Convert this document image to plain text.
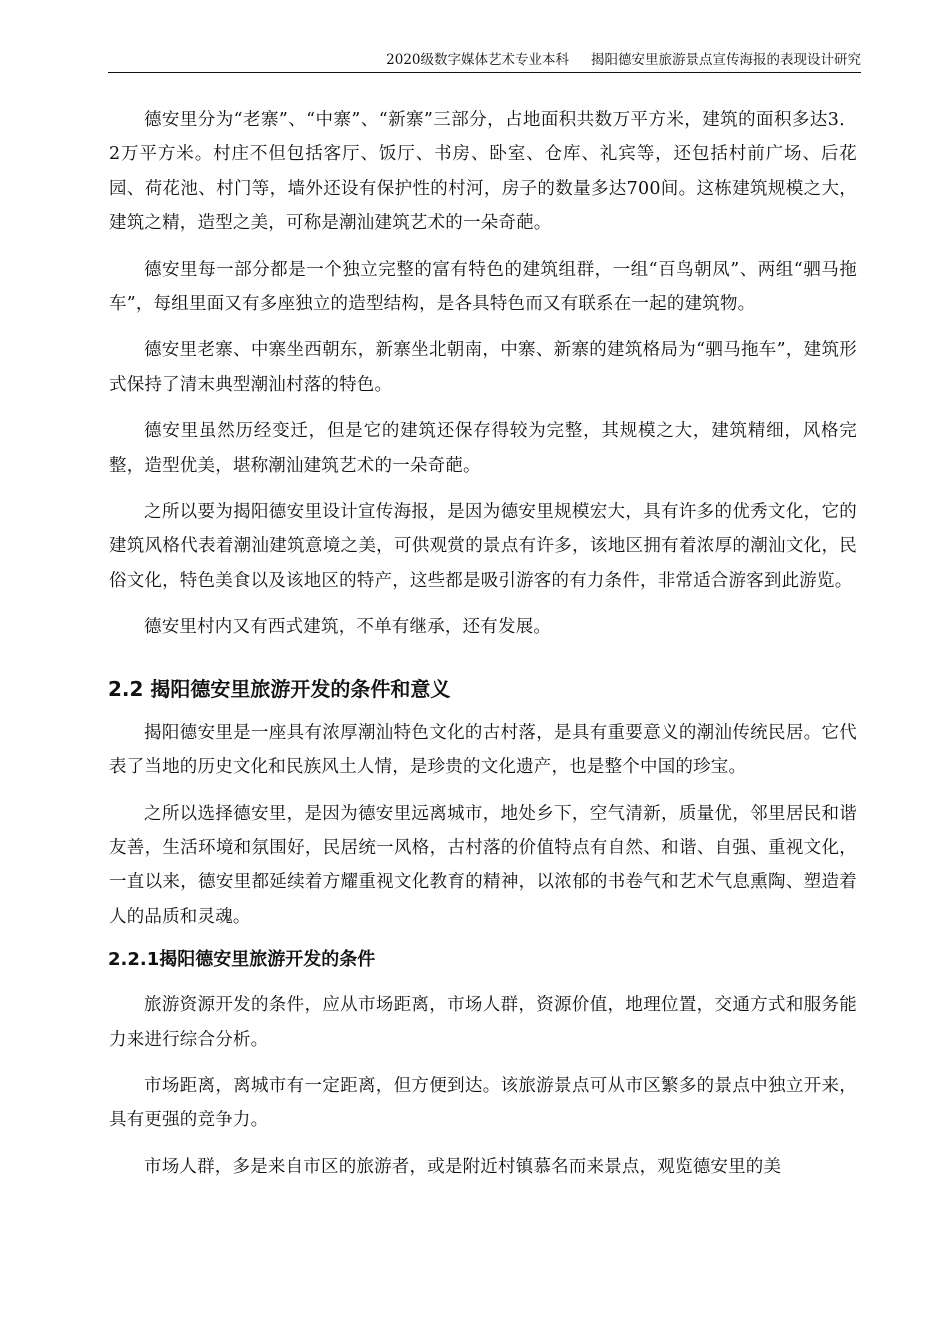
2020级数字媒体艺术专业本科 揭阳德安里旅游景点宣传海报的表现设计研究

德安里分为“老寨”、“中寨”、“新寨”三部分，占地面积共数万平方米，建筑的面积多达3．2万平方米。村庄不但包括客厅、饭厅、书房、卧室、仓库、礼宾等，还包括村前广场、后花园、荷花池、村门等，墙外还设有保护性的村河，房子的数量多达700间。这栋建筑规模之大，建筑之精，造型之美，可称是潮汕建筑艺术的一朵奇葩。

德安里每一部分都是一个独立完整的富有特色的建筑组群，一组“百鸟朝凤”、两组“驷马拖车”，每组里面又有多座独立的造型结构，是各具特色而又有联系在一起的建筑物。

德安里老寨、中寨坐西朝东，新寨坐北朝南，中寨、新寨的建筑格局为“驷马拖车”，建筑形式保持了清末典型潮汕村落的特色。

德安里虽然历经变迁，但是它的建筑还保存得较为完整，其规模之大，建筑精细，风格完整，造型优美，堪称潮汕建筑艺术的一朵奇葩。

之所以要为揭阳德安里设计宣传海报，是因为德安里规模宏大，具有许多的优秀文化，它的建筑风格代表着潮汕建筑意境之美，可供观赏的景点有许多，该地区拥有着浓厚的潮汕文化，民俗文化，特色美食以及该地区的特产，这些都是吸引游客的有力条件，非常适合游客到此游览。

德安里村内又有西式建筑，不单有继承，还有发展。

2.2 揭阳德安里旅游开发的条件和意义

揭阳德安里是一座具有浓厚潮汕特色文化的古村落，是具有重要意义的潮汕传统民居。它代表了当地的历史文化和民族风土人情，是珍贵的文化遗产，也是整个中国的珍宝。

之所以选择德安里，是因为德安里远离城市，地处乡下，空气清新，质量优，邻里居民和谐友善，生活环境和氛围好，民居统一风格，古村落的价值特点有自然、和谐、自强、重视文化，一直以来，德安里都延续着方耀重视文化教育的精神，以浓郁的书卷气和艺术气息熏陶、塑造着人的品质和灵魂。

2.2.1揭阳德安里旅游开发的条件

旅游资源开发的条件，应从市场距离，市场人群，资源价值，地理位置，交通方式和服务能力来进行综合分析。

市场距离，离城市有一定距离，但方便到达。该旅游景点可从市区繁多的景点中独立开来，具有更强的竞争力。

市场人群，多是来自市区的旅游者，或是附近村镇慕名而来景点，观览德安里的美
